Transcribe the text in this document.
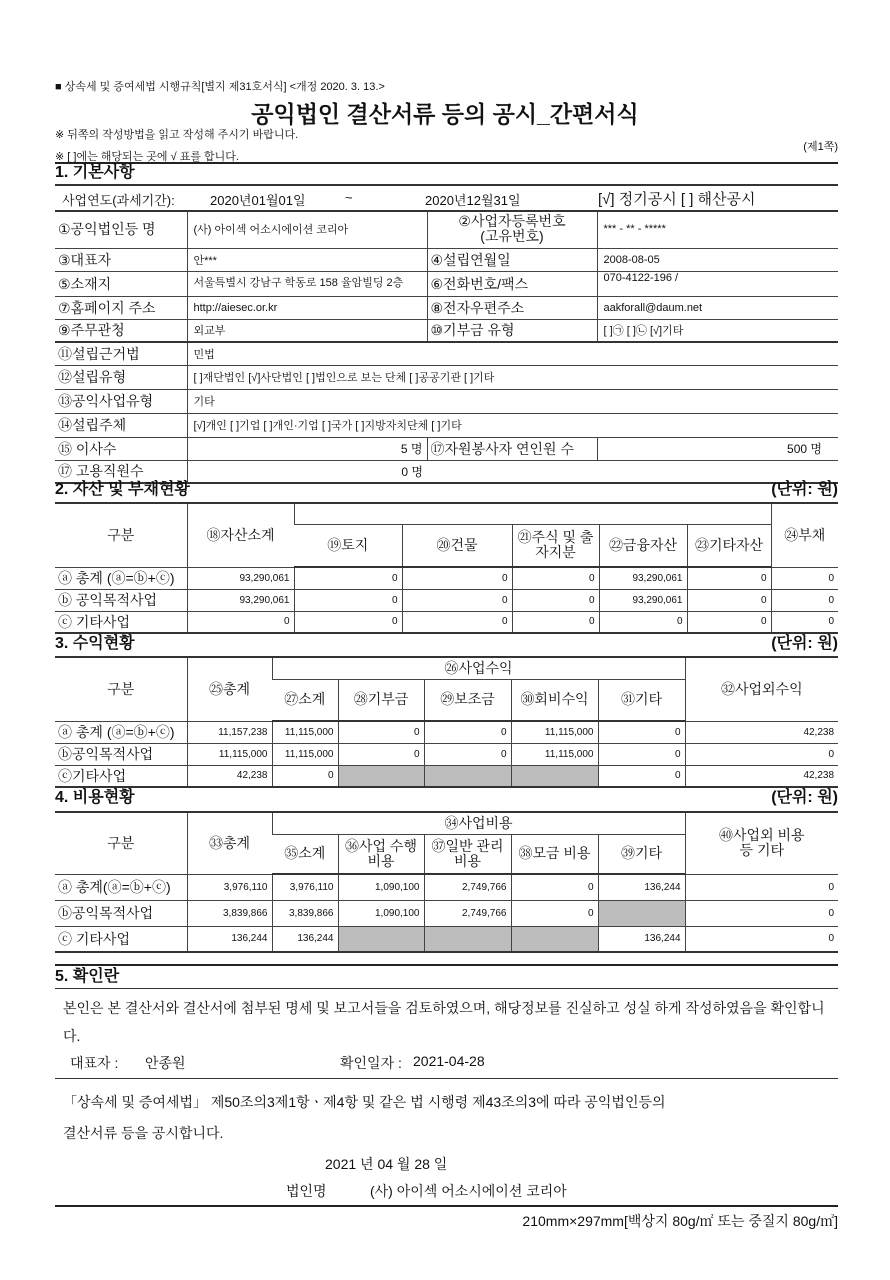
■ 상속세 및 증여세법 시행규칙[별지 제31호서식] <개정 2020. 3. 13.>
공익법인 결산서류 등의 공시_간편서식
※ 뒤쪽의 작성방법을 읽고 작성해 주시기 바랍니다.
※ [ ]에는 해당되는 곳에 √ 표를 합니다.
(제1쪽)
1. 기본사항
사업연도(과세기간):	2020년01월01일	~	2020년12월31일	[√] 정기공시 [ ] 해산공시
①공익법인등 명	(사) 아이섹 어소시에이션 코리아	②사업자등록번호
(고유번호)	*** - ** - *****
③대표자	안***	④설립연월일	2008-08-05
⑤소재지	서울특별시 강남구 학동로 158 율암빌딩 2층	⑥전화번호/팩스	070-4122-196 /
⑦홈페이지 주소	http://aiesec.or.kr	⑧전자우편주소	aakforall@daum.net
⑨주무관청	외교부	⑩기부금 유형	[ ]㉠ [ ]㉡ [√]기타
⑪설립근거법	민법		
⑫설립유형	[ ]재단법인 [√]사단법인 [ ]법인으로 보는 단체 [ ]공공기관 [ ]기타		
⑬공익사업유형	기타		
⑭설립주체	[√]개인 [ ]기업 [ ]개인·기업 [ ]국가 [ ]지방자치단체 [ ]기타		
⑮ 이사수	5 명	⑰자원봉사자 연인원 수	500 명
⑰ 고용직원수	0 명		
2. 자산 및 부채현황	(단위: 원)
구분	⑱자산소계						㉔부채
		⑲토지	⑳건물	㉑주식 및 출자지분	㉒금융자산	㉓기타자산	
ⓐ 총계 (ⓐ=ⓑ+ⓒ)	93,290,061	0	0	0	93,290,061	0	0
ⓑ 공익목적사업	93,290,061	0	0	0	93,290,061	0	0
ⓒ 기타사업	0	0	0	0	0	0	0
3. 수익현황	(단위: 원)
구분	㉕총계	㉖사업수익					㉜사업외수익
		㉗소계	㉘기부금	㉙보조금	㉚회비수익	㉛기타	
ⓐ 총계 (ⓐ=ⓑ+ⓒ)	11,157,238	11,115,000	0	0	11,115,000	0	42,238
ⓑ공익목적사업	11,115,000	11,115,000	0	0	11,115,000	0	0
ⓒ기타사업	42,238	0				0	42,238
4. 비용현황	(단위: 원)
구분	㉝총계	㉞사업비용					㊵사업외 비용 등 기타
		㉟소계	㊱사업 수행비용	㊲일반 관리비용	㊳모금 비용	㊴기타	
ⓐ 총계(ⓐ=ⓑ+ⓒ)	3,976,110	3,976,110	1,090,100	2,749,766	0	136,244	0
ⓑ공익목적사업	3,839,866	3,839,866	1,090,100	2,749,766	0		0
ⓒ 기타사업	136,244	136,244				136,244	0
5. 확인란
본인은 본 결산서와 결산서에 첨부된 명세 및 보고서들을 검토하였으며, 해당정보를 진실하고 성실 하게 작성하였음을 확인합니다.
대표자 : 안종원	확인일자 : 2021-04-28
「상속세 및 증여세법」 제50조의3제1항ㆍ제4항 및 같은 법 시행령 제43조의3에 따라 공익법인등의
결산서류 등을 공시합니다.
2021 년 04 월 28 일
법인명	(사) 아이섹 어소시에이션 코리아
210mm×297mm[백상지 80g/㎡ 또는 중질지 80g/㎡]
